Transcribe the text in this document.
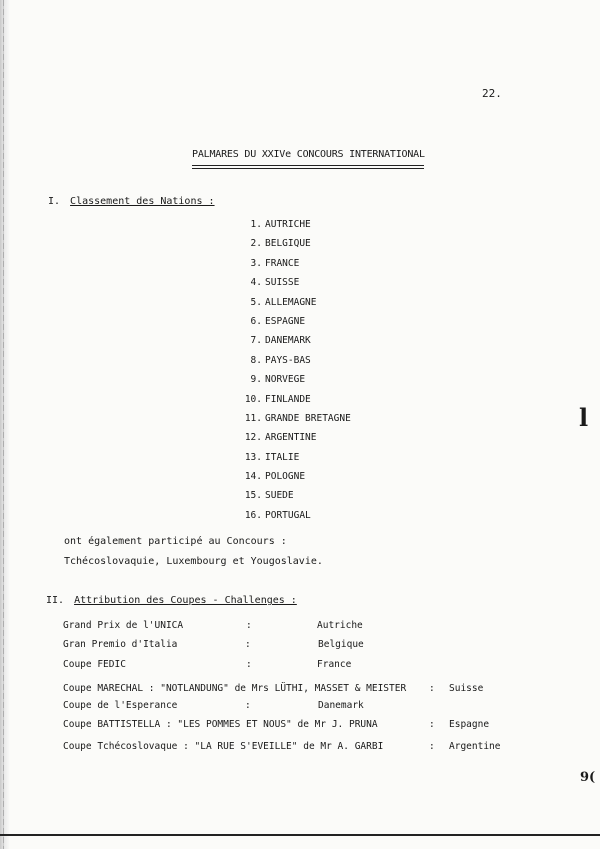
22.
PALMARES DU XXIVe CONCOURS INTERNATIONAL
I. Classement des Nations :
1. AUTRICHE
2. BELGIQUE
3. FRANCE
4. SUISSE
5. ALLEMAGNE
6. ESPAGNE
7. DANEMARK
8. PAYS-BAS
9. NORVEGE
10. FINLANDE
11. GRANDE BRETAGNE
12. ARGENTINE
13. ITALIE
14. POLOGNE
15. SUEDE
16. PORTUGAL
ont également participé au Concours :
Tchécoslovaquie, Luxembourg et Yougoslavie.
II. Attribution des Coupes - Challenges :
Grand Prix de l'UNICA	:	Autriche
Gran Premio d'Italia	:	Belgique
Coupe FEDIC	:	France
Coupe MARECHAL : "NOTLANDUNG" de Mrs LÜTHI, MASSET & MEISTER : Suisse
Coupe de l'Esperance	:	Danemark
Coupe BATTISTELLA : "LES POMMES ET NOUS" de Mr J. PRUNA	: Espagne
Coupe Tchécoslovaque : "LA RUE S'EVEILLE" de Mr A. GARBI	: Argentine
l
9(
